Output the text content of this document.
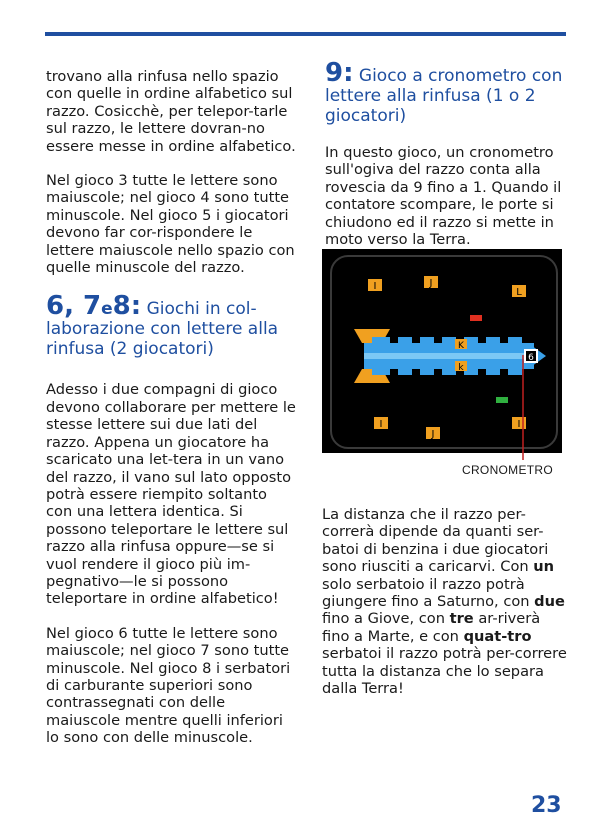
trovano alla rinfusa nello spazio con quelle in ordine alfabetico sul razzo. Cosicchè, per telepor-tarle sul razzo, le lettere dovran-no essere messe in ordine alfabetico.

Nel gioco 3 tutte le lettere sono maiuscole; nel gioco 4 sono tutte minuscole. Nel gioco 5 i giocatori devono far cor-rispondere le lettere maiuscole nello spazio con quelle minuscole del razzo.

6, 7e8: Giochi in col-laborazione con lettere alla rinfusa (2 giocatori)

Adesso i due compagni di gioco devono collaborare per mettere le stesse lettere sui due lati del razzo. Appena un giocatore ha scaricato una let-tera in un vano del razzo, il vano sul lato opposto potrà essere riempito soltanto con una lettera identica. Si possono teleportare le lettere sul razzo alla rinfusa oppure—se si vuol rendere il gioco più im-pegnativo—le si possono teleportare in ordine alfabetico!

Nel gioco 6 tutte le lettere sono maiuscole; nel gioco 7 sono tutte minuscole. Nel gioco 8 i serbatori di carburante superiori sono contrassegnati con delle maiuscole mentre quelli inferiori lo sono con delle minuscole.

9: Gioco a cronometro con lettere alla rinfusa (1 o 2 giocatori)

In questo gioco, un cronometro sull'ogiva del razzo conta alla rovescia da 9 fino a 1. Quando il contatore scompare, le porte si chiudono ed il razzo si mette in moto verso la Terra.

I	J
L
K
k
6
I
J
I
CRONOMETRO
La distanza che il razzo per-correrà dipende da quanti ser-batoi di benzina i due giocatori sono riusciti a caricarvi. Con un solo serbatoio il razzo potrà giungere fino a Saturno, con due fino a Giove, con tre ar-riverà fino a Marte, e con quat-tro serbatoi il razzo potrà per-correre tutta la distanza che lo separa dalla Terra!
23
